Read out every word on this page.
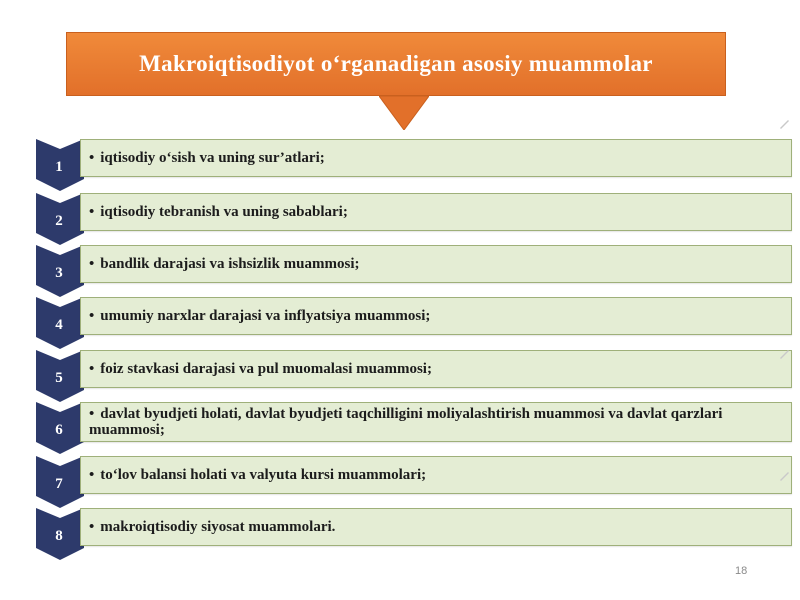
Makroiqtisodiyot o‘rganadigan asosiy muammolar
1
• iqtisodiy o‘sish va uning sur’atlari;
2
• iqtisodiy tebranish va uning sabablari;
3
• bandlik darajasi va ishsizlik muammosi;
4
• umumiy narxlar darajasi va inflyatsiya muammosi;
5
• foiz stavkasi darajasi va pul muomalasi muammosi;
6
• davlat byudjeti holati, davlat byudjeti taqchilligini moliyalashtirish muammosi va davlat qarzlari muammosi;
7
• to‘lov balansi holati va valyuta kursi muammolari;
8
• makroiqtisodiy siyosat muammolari.
18
